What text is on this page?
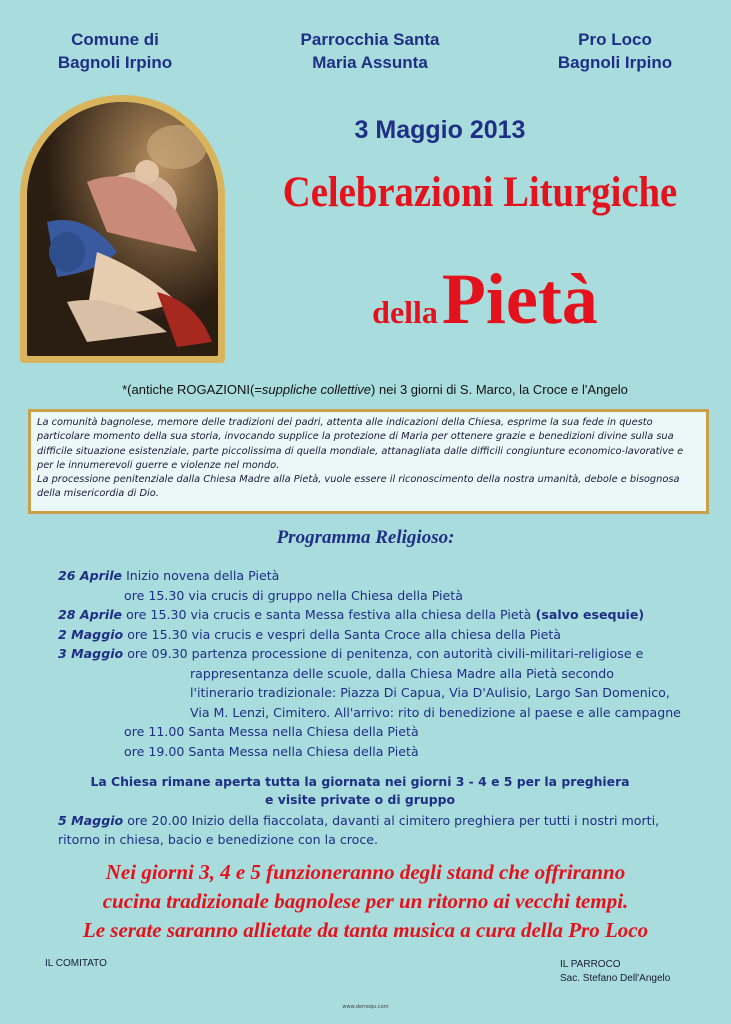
Comune di
Bagnoli Irpino
Parrocchia Santa
Maria Assunta
Pro Loco
Bagnoli Irpino
3 Maggio 2013
Celebrazioni Liturgiche
della Pietà
*(antiche ROGAZIONI(=suppliche collettive) nei 3 giorni di S. Marco, la Croce e l'Angelo

La comunità bagnolese, memore delle tradizioni dei padri, attenta alle indicazioni della Chiesa, esprime la sua fede in questo particolare momento della sua storia, invocando supplice la protezione di Maria per ottenere grazie e benedizioni divine sulla sua difficile situazione esistenziale, parte piccolissima di quella mondiale, attanagliata dalle difficili congiunture economico-lavorative e per le innumerevoli guerre e violenze nel mondo.

La processione penitenziale dalla Chiesa Madre alla Pietà, vuole essere il riconoscimento della nostra umanità, debole e bisognosa della misericordia di Dio.

Programma Religioso:
26 Aprile Inizio novena della Pietà
ore 15.30 via crucis di gruppo nella Chiesa della Pietà
28 Aprile ore 15.30 via crucis e santa Messa festiva alla chiesa della Pietà (salvo esequie)
2 Maggio ore 15.30 via crucis e vespri della Santa Croce alla chiesa della Pietà
3 Maggio ore 09.30 partenza processione di penitenza, con autorità civili-militari-religiose e
rappresentanza delle scuole, dalla Chiesa Madre alla Pietà secondo
l'itinerario tradizionale: Piazza Di Capua, Via D'Aulisio, Largo San Domenico,
Via M. Lenzi, Cimitero. All'arrivo: rito di benedizione al paese e alle campagne
ore 11.00 Santa Messa nella Chiesa della Pietà
ore 19.00 Santa Messa nella Chiesa della Pietà
La Chiesa rimane aperta tutta la giornata nei giorni 3 - 4 e 5 per la preghiera
e visite private o di gruppo
5 Maggio ore 20.00 Inizio della fiaccolata, davanti al cimitero preghiera per tutti i nostri morti,
ritorno in chiesa, bacio e benedizione con la croce.
Nei giorni 3, 4 e 5 funzioneranno degli stand che offriranno
cucina tradizionale bagnolese per un ritorno ai vecchi tempi.
Le serate saranno allietate da tanta musica a cura della Pro Loco
IL COMITATO	IL PARROCO
Sac. Stefano Dell'Angelo
www.demoqu.com
